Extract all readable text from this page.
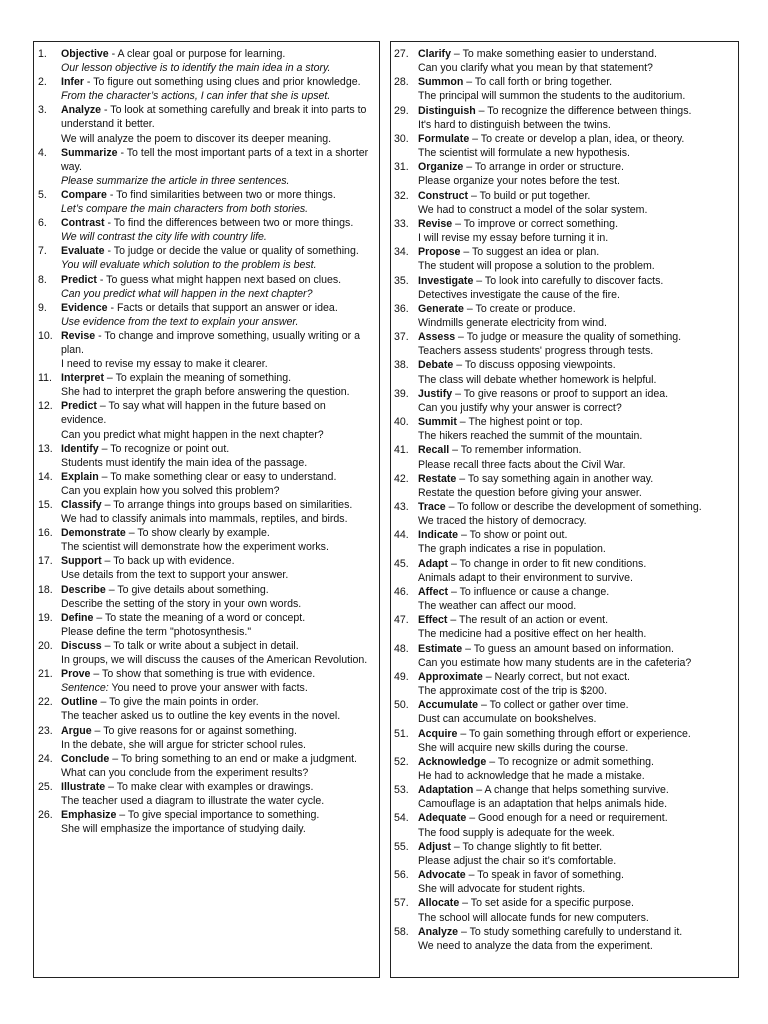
1.	Objective - A clear goal or purpose for learning.
Our lesson objective is to identify the main idea in a story.
2.	Infer - To figure out something using clues and prior knowledge.
From the character’s actions, I can infer that she is upset.
3.	Analyze - To look at something carefully and break it into parts to understand it better.
We will analyze the poem to discover its deeper meaning.
4.	Summarize - To tell the most important parts of a text in a shorter way.
Please summarize the article in three sentences.
5.	Compare - To find similarities between two or more things.
Let’s compare the main characters from both stories.
6.	Contrast - To find the differences between two or more things.
We will contrast the city life with country life.
7.	Evaluate - To judge or decide the value or quality of something.
You will evaluate which solution to the problem is best.
8.	Predict - To guess what might happen next based on clues.
Can you predict what will happen in the next chapter?
9.	Evidence - Facts or details that support an answer or idea.
Use evidence from the text to explain your answer.
10. Revise - To change and improve something, usually writing or a plan.
I need to revise my essay to make it clearer.
11. Interpret – To explain the meaning of something.
She had to interpret the graph before answering the question.
12. Predict – To say what will happen in the future based on evidence.
Can you predict what might happen in the next chapter?
13. Identify – To recognize or point out.
Students must identify the main idea of the passage.
14. Explain – To make something clear or easy to understand.
Can you explain how you solved this problem?
15. Classify – To arrange things into groups based on similarities.
We had to classify animals into mammals, reptiles, and birds.
16. Demonstrate – To show clearly by example.
The scientist will demonstrate how the experiment works.
17. Support – To back up with evidence.
Use details from the text to support your answer.
18. Describe – To give details about something.
Describe the setting of the story in your own words.
19. Define – To state the meaning of a word or concept.
Please define the term "photosynthesis."
20. Discuss – To talk or write about a subject in detail.
In groups, we will discuss the causes of the American Revolution.
21. Prove – To show that something is true with evidence.
Sentence: You need to prove your answer with facts.
22. Outline – To give the main points in order.
The teacher asked us to outline the key events in the novel.
23. Argue – To give reasons for or against something.
In the debate, she will argue for stricter school rules.
24. Conclude – To bring something to an end or make a judgment.
What can you conclude from the experiment results?
25. Illustrate – To make clear with examples or drawings.
The teacher used a diagram to illustrate the water cycle.
26. Emphasize – To give special importance to something.
She will emphasize the importance of studying daily.
27. Clarify – To make something easier to understand.
Can you clarify what you mean by that statement?
28. Summon – To call forth or bring together.
The principal will summon the students to the auditorium.
29. Distinguish – To recognize the difference between things.
It's hard to distinguish between the twins.
30. Formulate – To create or develop a plan, idea, or theory.
The scientist will formulate a new hypothesis.
31. Organize – To arrange in order or structure.
Please organize your notes before the test.
32. Construct – To build or put together.
We had to construct a model of the solar system.
33. Revise – To improve or correct something.
I will revise my essay before turning it in.
34. Propose – To suggest an idea or plan.
The student will propose a solution to the problem.
35. Investigate – To look into carefully to discover facts.
Detectives investigate the cause of the fire.
36. Generate – To create or produce.
Windmills generate electricity from wind.
37. Assess – To judge or measure the quality of something.
Teachers assess students' progress through tests.
38. Debate – To discuss opposing viewpoints.
The class will debate whether homework is helpful.
39. Justify – To give reasons or proof to support an idea.
Can you justify why your answer is correct?
40. Summit – The highest point or top.
The hikers reached the summit of the mountain.
41. Recall – To remember information.
Please recall three facts about the Civil War.
42. Restate – To say something again in another way.
Restate the question before giving your answer.
43. Trace – To follow or describe the development of something.
We traced the history of democracy.
44. Indicate – To show or point out.
The graph indicates a rise in population.
45. Adapt – To change in order to fit new conditions.
Animals adapt to their environment to survive.
46. Affect – To influence or cause a change.
The weather can affect our mood.
47. Effect – The result of an action or event.
The medicine had a positive effect on her health.
48. Estimate – To guess an amount based on information.
Can you estimate how many students are in the cafeteria?
49. Approximate – Nearly correct, but not exact.
The approximate cost of the trip is $200.
50. Accumulate – To collect or gather over time.
Dust can accumulate on bookshelves.
51. Acquire – To gain something through effort or experience.
She will acquire new skills during the course.
52. Acknowledge – To recognize or admit something.
He had to acknowledge that he made a mistake.
53. Adaptation – A change that helps something survive.
Camouflage is an adaptation that helps animals hide.
54. Adequate – Good enough for a need or requirement.
The food supply is adequate for the week.
55. Adjust – To change slightly to fit better.
Please adjust the chair so it’s comfortable.
56. Advocate – To speak in favor of something.
She will advocate for student rights.
57. Allocate – To set aside for a specific purpose.
The school will allocate funds for new computers.
58. Analyze – To study something carefully to understand it.
We need to analyze the data from the experiment.
